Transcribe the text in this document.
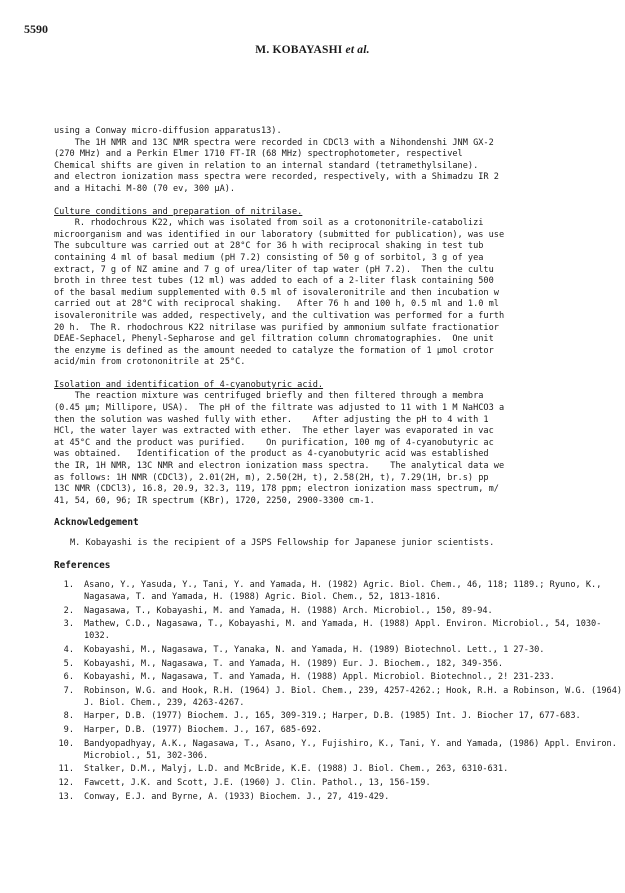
5590
M. KOBAYASHI et al.
using a Conway micro-diffusion apparatus13).
The 1H NMR and 13C NMR spectra were recorded in CDCl3 with a Nihondenshi JNM GX-2
(270 MHz) and a Perkin Elmer 1710 FT-IR (68 MHz) spectrophotometer, respectivel
Chemical shifts are given in relation to an internal standard (tetramethylsilane).
and electron ionization mass spectra were recorded, respectively, with a Shimadzu IR 2
and a Hitachi M-80 (70 ev, 300 µA).
Culture conditions and preparation of nitrilase.
R. rhodochrous K22, which was isolated from soil as a crotononitrile-catabolizi
microorganism and was identified in our laboratory (submitted for publication), was use
The subculture was carried out at 28°C for 36 h with reciprocal shaking in test tub
containing 4 ml of basal medium (pH 7.2) consisting of 50 g of sorbitol, 3 g of yea
extract, 7 g of NZ amine and 7 g of urea/liter of tap water (pH 7.2).  Then the cultu
broth in three test tubes (12 ml) was added to each of a 2-liter flask containing 500
of the basal medium supplemented with 0.5 ml of isovaleronitrile and then incubation w
carried out at 28°C with reciprocal shaking.   After 76 h and 100 h, 0.5 ml and 1.0 ml
isovaleronitrile was added, respectively, and the cultivation was performed for a furth
20 h.  The R. rhodochrous K22 nitrilase was purified by ammonium sulfate fractionatior
DEAE-Sephacel, Phenyl-Sepharose and gel filtration column chromatographies.  One unit
the enzyme is defined as the amount needed to catalyze the formation of 1 µmol crotor
acid/min from crotononitrile at 25°C.
Isolation and identification of 4-cyanobutyric acid.
The reaction mixture was centrifuged briefly and then filtered through a membra
(0.45 µm; Millipore, USA).  The pH of the filtrate was adjusted to 11 with 1 M NaHCO3 a
then the solution was washed fully with ether.    After adjusting the pH to 4 with 1
HCl, the water layer was extracted with ether.  The ether layer was evaporated in vac
at 45°C and the product was purified.    On purification, 100 mg of 4-cyanobutyric ac
was obtained.   Identification of the product as 4-cyanobutyric acid was established
the IR, 1H NMR, 13C NMR and electron ionization mass spectra.    The analytical data we
as follows: 1H NMR (CDCl3), 2.01(2H, m), 2.50(2H, t), 2.58(2H, t), 7.29(1H, br.s) pp
13C NMR (CDCl3), 16.8, 20.9, 32.3, 119, 178 ppm; electron ionization mass spectrum, m/
41, 54, 60, 96; IR spectrum (KBr), 1720, 2250, 2900-3300 cm-1.
Acknowledgement
M. Kobayashi is the recipient of a JSPS Fellowship for Japanese junior scientists.
References
1.	Asano, Y., Yasuda, Y., Tani, Y. and Yamada, H. (1982) Agric. Biol. Chem., 46, 118; 1189.; Ryuno, K., Nagasawa, T. and Yamada, H. (1988) Agric. Biol. Chem., 52, 1813-1816.
2.	Nagasawa, T., Kobayashi, M. and Yamada, H. (1988) Arch. Microbiol., 150, 89-94.
3.	Mathew, C.D., Nagasawa, T., Kobayashi, M. and Yamada, H. (1988) Appl. Environ. Microbiol., 54, 1030-1032.
4.	Kobayashi, M., Nagasawa, T., Yanaka, N. and Yamada, H. (1989) Biotechnol. Lett., 1 27-30.
5.	Kobayashi, M., Nagasawa, T. and Yamada, H. (1989) Eur. J. Biochem., 182, 349-356.
6.	Kobayashi, M., Nagasawa, T. and Yamada, H. (1988) Appl. Microbiol. Biotechnol., 2! 231-233.
7.	Robinson, W.G. and Hook, R.H. (1964) J. Biol. Chem., 239, 4257-4262.; Hook, R.H. a Robinson, W.G. (1964) J. Biol. Chem., 239, 4263-4267.
8.	Harper, D.B. (1977) Biochem. J., 165, 309-319.; Harper, D.B. (1985) Int. J. Biocher 17, 677-683.
9.	Harper, D.B. (1977) Biochem. J., 167, 685-692.
10.	Bandyopadhyay, A.K., Nagasawa, T., Asano, Y., Fujishiro, K., Tani, Y. and Yamada, (1986) Appl. Environ. Microbiol., 51, 302-306.
11.	Stalker, D.M., Malyj, L.D. and McBride, K.E. (1988) J. Biol. Chem., 263, 6310-631.
12.	Fawcett, J.K. and Scott, J.E. (1960) J. Clin. Pathol., 13, 156-159.
13.	Conway, E.J. and Byrne, A. (1933) Biochem. J., 27, 419-429.
